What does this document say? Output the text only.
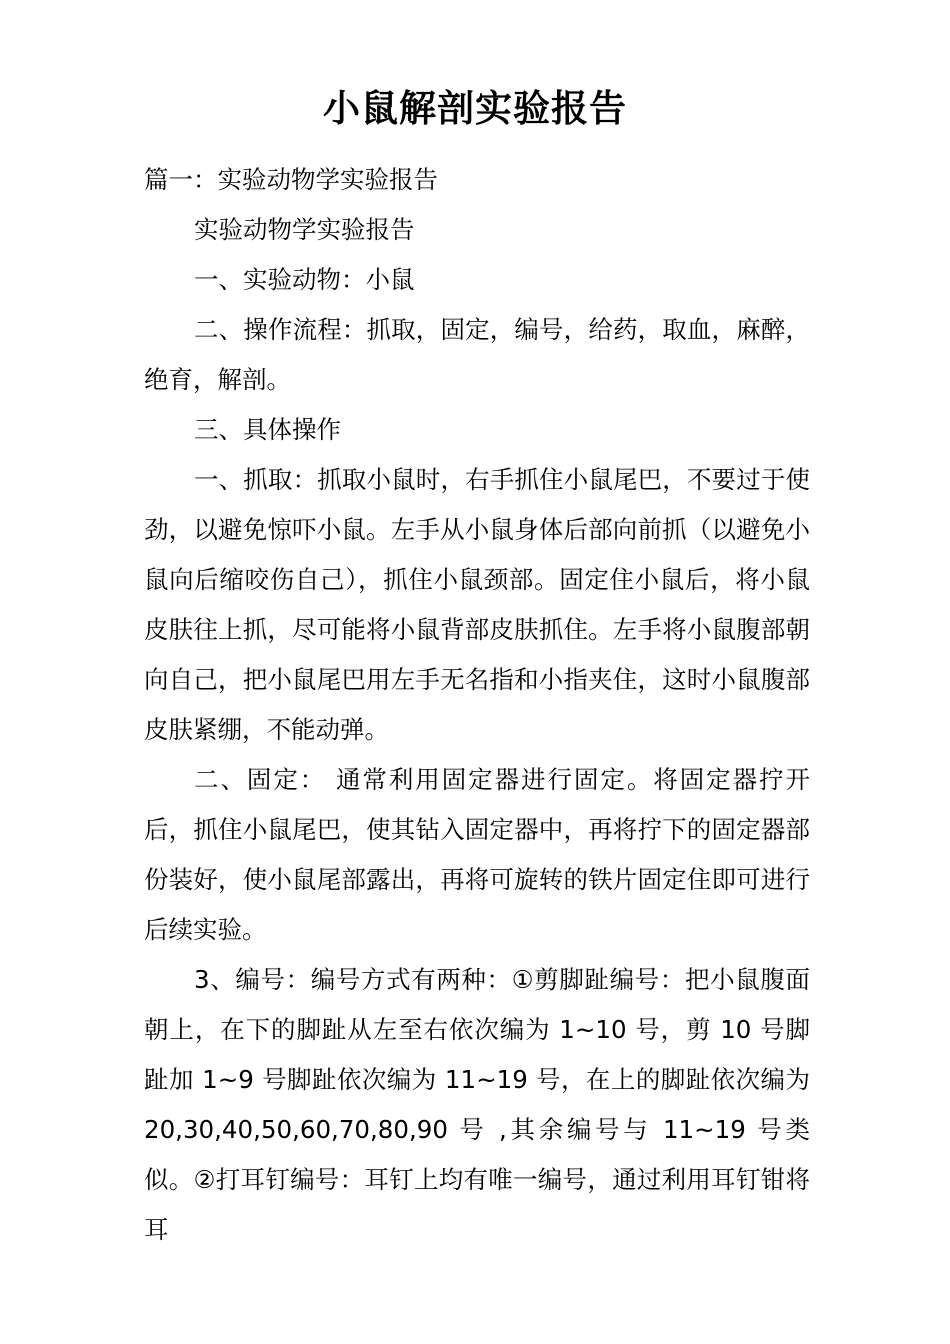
小鼠解剖实验报告

篇一：实验动物学实验报告

实验动物学实验报告

一、实验动物：小鼠

二、操作流程：抓取，固定，编号，给药，取血，麻醉，绝育，解剖。

三、具体操作

一、抓取：抓取小鼠时，右手抓住小鼠尾巴，不要过于使劲，以避免惊吓小鼠。左手从小鼠身体后部向前抓（以避免小鼠向后缩咬伤自己），抓住小鼠颈部。固定住小鼠后，将小鼠皮肤往上抓，尽可能将小鼠背部皮肤抓住。左手将小鼠腹部朝向自己，把小鼠尾巴用左手无名指和小指夹住，这时小鼠腹部皮肤紧绷，不能动弹。

二、固定： 通常利用固定器进行固定。将固定器拧开后，抓住小鼠尾巴，使其钻入固定器中，再将拧下的固定器部份装好，使小鼠尾部露出，再将可旋转的铁片固定住即可进行后续实验。

3、编号：编号方式有两种：①剪脚趾编号：把小鼠腹面朝上，在下的脚趾从左至右依次编为 1~10 号，剪 10 号脚趾加 1~9 号脚趾依次编为 11~19 号，在上的脚趾依次编为 20,30,40,50,60,70,80,90 号 ,其余编号与 11~19 号类似。②打耳钉编号：耳钉上均有唯一编号，通过利用耳钉钳将耳
